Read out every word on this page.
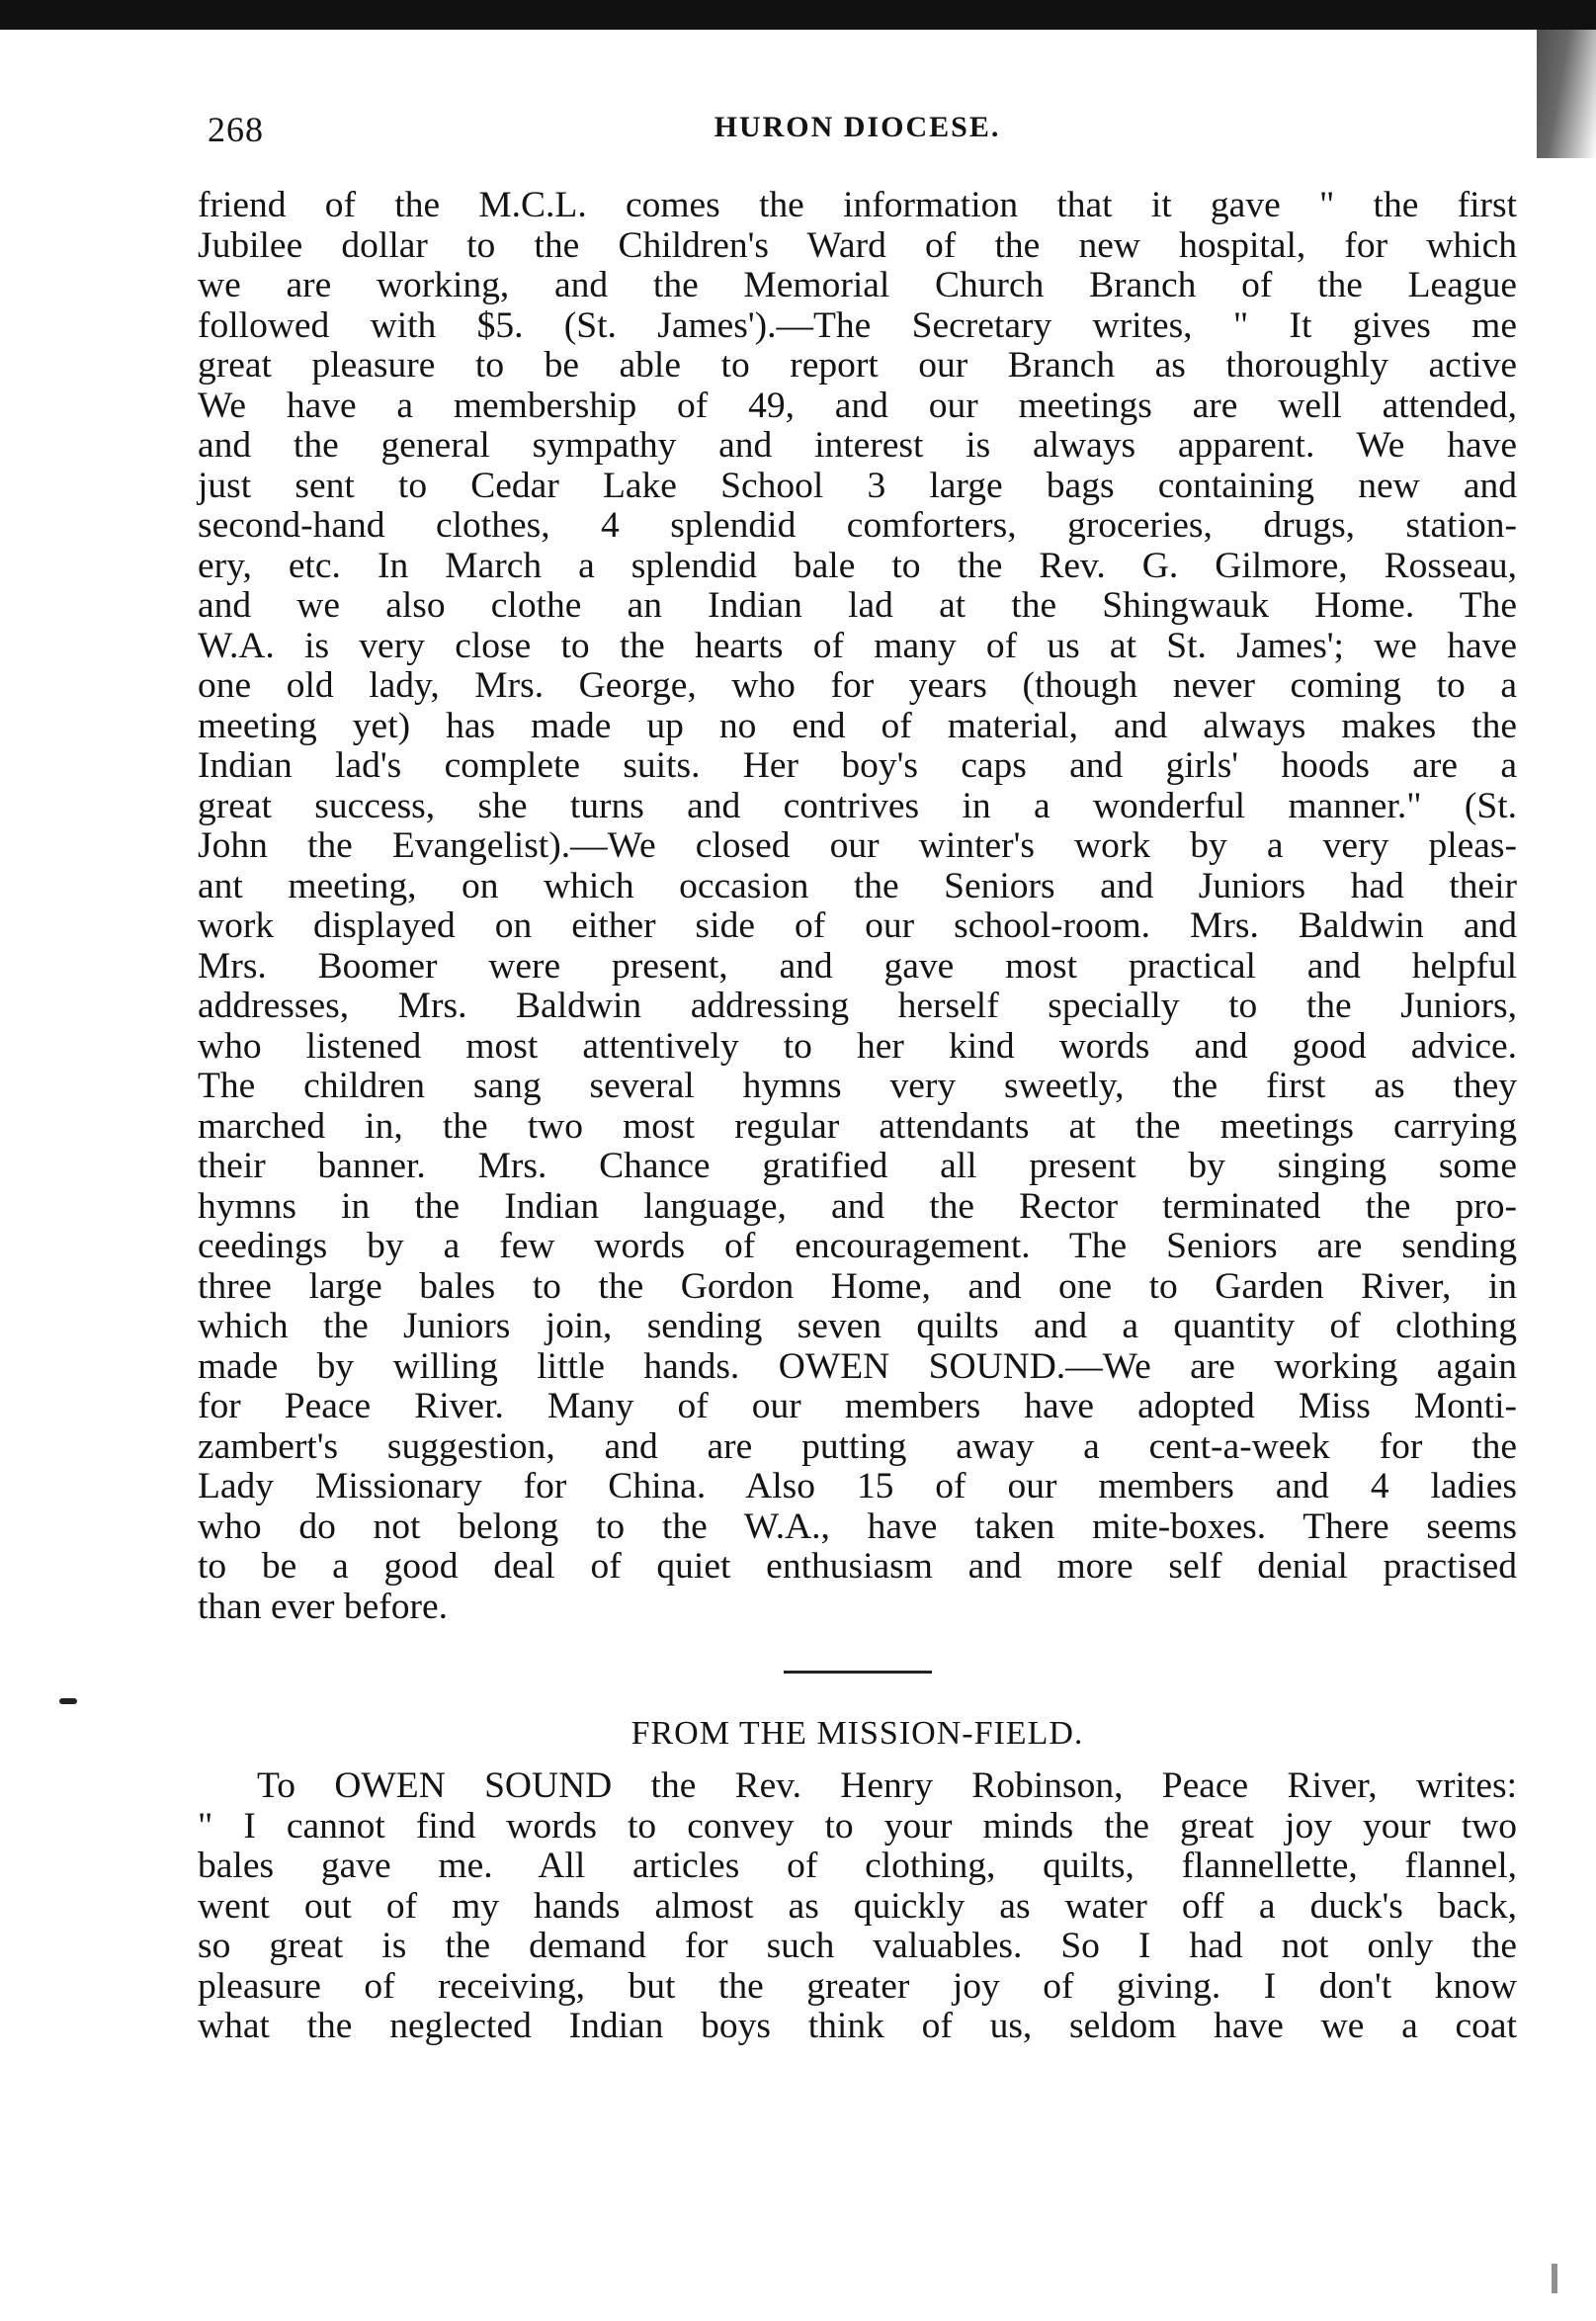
268	HURON DIOCESE.
friend of the M.C.L. comes the information that it gave " the first
Jubilee dollar to the Children's Ward of the new hospital, for which
we are working, and the Memorial Church Branch of the League
followed with $5. (St. James').—The Secretary writes, " It gives me
great pleasure to be able to report our Branch as thoroughly active
We have a membership of 49, and our meetings are well attended,
and the general sympathy and interest is always apparent. We have
just sent to Cedar Lake School 3 large bags containing new and
second-hand clothes, 4 splendid comforters, groceries, drugs, station-
ery, etc. In March a splendid bale to the Rev. G. Gilmore, Rosseau,
and we also clothe an Indian lad at the Shingwauk Home. The
W.A. is very close to the hearts of many of us at St. James'; we have
one old lady, Mrs. George, who for years (though never coming to a
meeting yet) has made up no end of material, and always makes the
Indian lad's complete suits. Her boy's caps and girls' hoods are a
great success, she turns and contrives in a wonderful manner." (St.
John the Evangelist).—We closed our winter's work by a very pleas-
ant meeting, on which occasion the Seniors and Juniors had their
work displayed on either side of our school-room. Mrs. Baldwin and
Mrs. Boomer were present, and gave most practical and helpful
addresses, Mrs. Baldwin addressing herself specially to the Juniors,
who listened most attentively to her kind words and good advice.
The children sang several hymns very sweetly, the first as they
marched in, the two most regular attendants at the meetings carrying
their banner. Mrs. Chance gratified all present by singing some
hymns in the Indian language, and the Rector terminated the pro-
ceedings by a few words of encouragement. The Seniors are sending
three large bales to the Gordon Home, and one to Garden River, in
which the Juniors join, sending seven quilts and a quantity of clothing
made by willing little hands. OWEN SOUND.—We are working again
for Peace River. Many of our members have adopted Miss Monti-
zambert's suggestion, and are putting away a cent-a-week for the
Lady Missionary for China. Also 15 of our members and 4 ladies
who do not belong to the W.A., have taken mite-boxes. There seems
to be a good deal of quiet enthusiasm and more self denial practised
than ever before.
FROM THE MISSION-FIELD.
To OWEN SOUND the Rev. Henry Robinson, Peace River, writes:
" I cannot find words to convey to your minds the great joy your two
bales gave me. All articles of clothing, quilts, flannellette, flannel,
went out of my hands almost as quickly as water off a duck's back,
so great is the demand for such valuables. So I had not only the
pleasure of receiving, but the greater joy of giving. I don't know
what the neglected Indian boys think of us, seldom have we a coat
